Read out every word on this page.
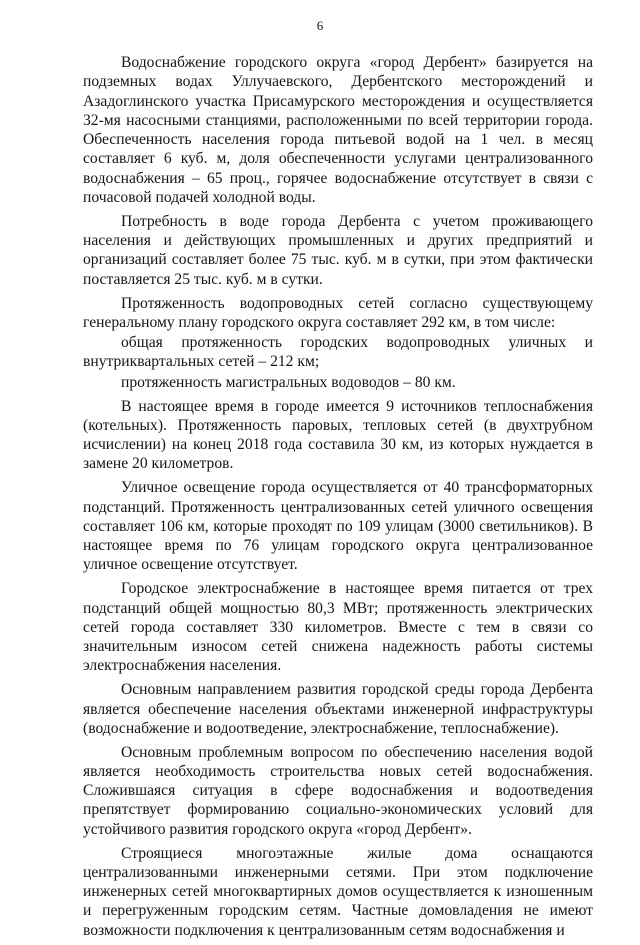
6

Водоснабжение городского округа «город Дербент» базируется на подземных водах Уллучаевского, Дербентского месторождений и Азадоглинского участка Присамурского месторождения и осуществляется 32-мя насосными станциями, расположенными по всей территории города. Обеспеченность населения города питьевой водой на 1 чел. в месяц составляет 6 куб. м, доля обеспеченности услугами централизованного водоснабжения – 65 проц., горячее водоснабжение отсутствует в связи с почасовой подачей холодной воды.

Потребность в воде города Дербента с учетом проживающего населения и действующих промышленных и других предприятий и организаций составляет более 75 тыс. куб. м в сутки, при этом фактически поставляется 25 тыс. куб. м в сутки.

Протяженность водопроводных сетей согласно существующему генеральному плану городского округа составляет 292 км, в том числе:

общая протяженность городских водопроводных уличных и внутриквартальных сетей – 212 км;

протяженность магистральных водоводов – 80 км.

В настоящее время в городе имеется 9 источников теплоснабжения (котельных). Протяженность паровых, тепловых сетей (в двухтрубном исчислении) на конец 2018 года составила 30 км, из которых нуждается в замене 20 километров.

Уличное освещение города осуществляется от 40 трансформаторных подстанций. Протяженность централизованных сетей уличного освещения составляет 106 км, которые проходят по 109 улицам (3000 светильников). В настоящее время по 76 улицам городского округа централизованное уличное освещение отсутствует.

Городское электроснабжение в настоящее время питается от трех подстанций общей мощностью 80,3 МВт; протяженность электрических сетей города составляет 330 километров. Вместе с тем в связи со значительным износом сетей снижена надежность работы системы электроснабжения населения.

Основным направлением развития городской среды города Дербента является обеспечение населения объектами инженерной инфраструктуры (водоснабжение и водоотведение, электроснабжение, теплоснабжение).

Основным проблемным вопросом по обеспечению населения водой является необходимость строительства новых сетей водоснабжения. Сложившаяся ситуация в сфере водоснабжения и водоотведения препятствует формированию социально-экономических условий для устойчивого развития городского округа «город Дербент».

Строящиеся многоэтажные жилые дома оснащаются централизованными инженерными сетями. При этом подключение инженерных сетей многоквартирных домов осуществляется к изношенным и перегруженным городским сетям. Частные домовладения не имеют возможности подключения к централизованным сетям водоснабжения и
